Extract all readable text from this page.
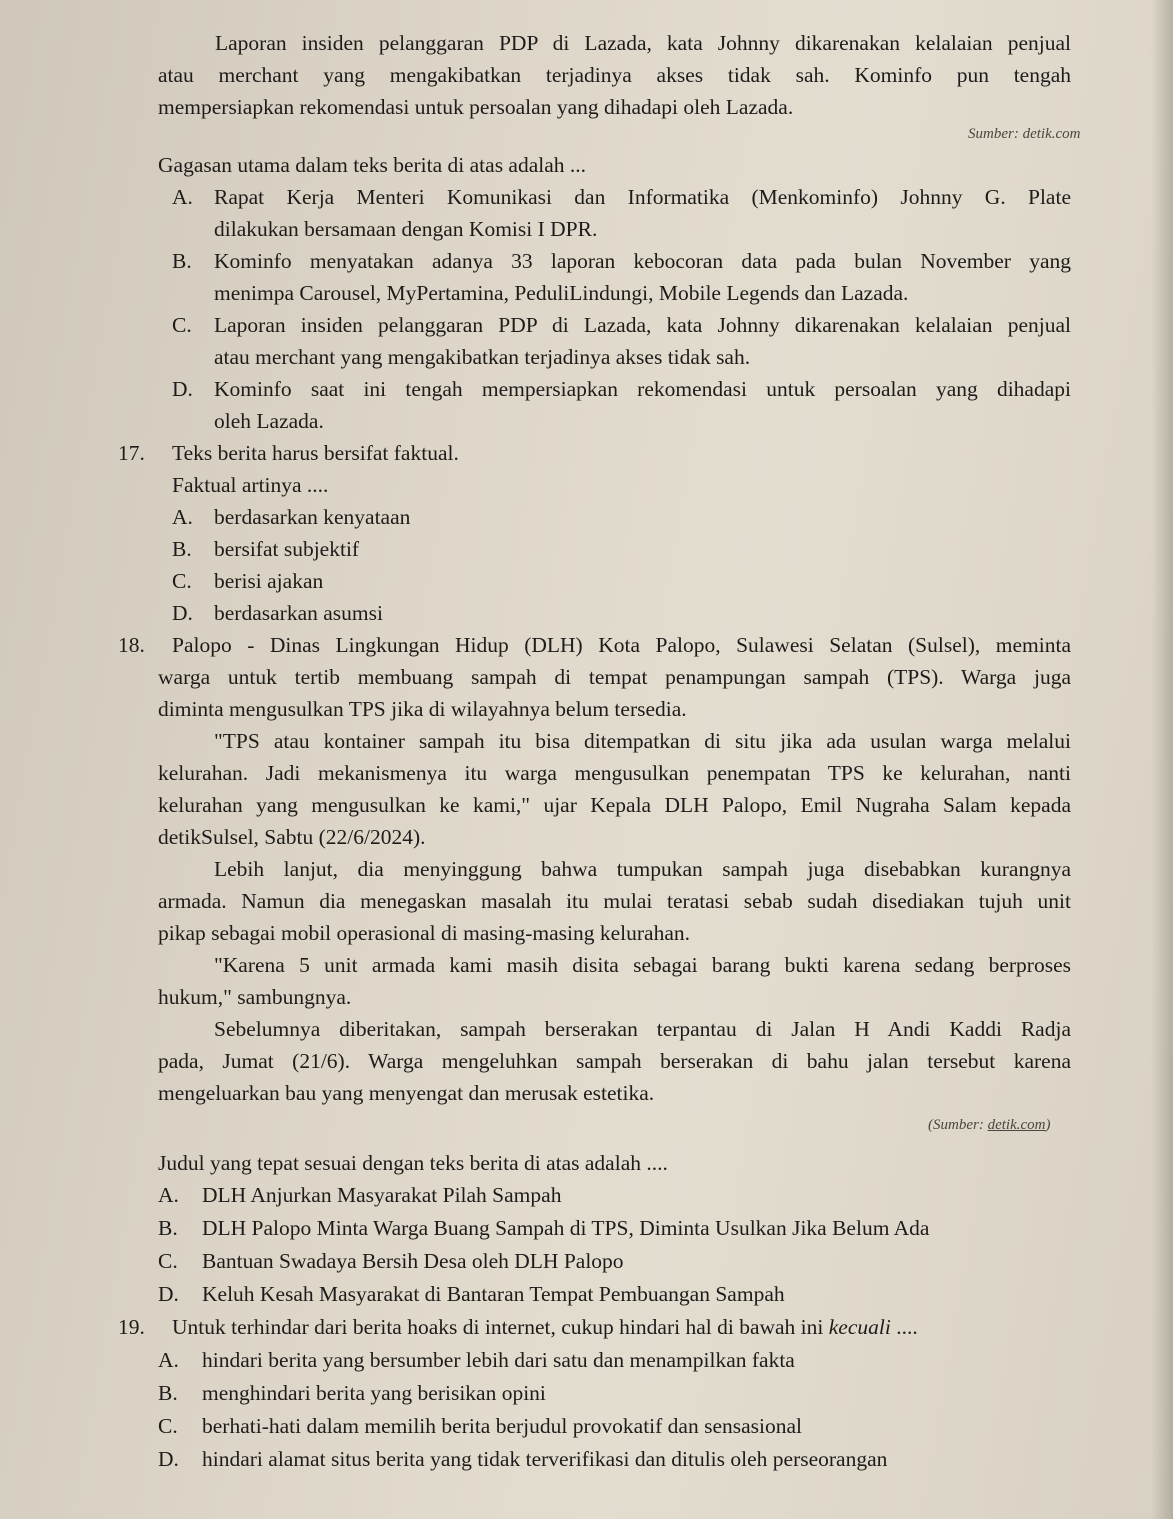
Laporan insiden pelanggaran PDP di Lazada, kata Johnny dikarenakan kelalaian penjual
atau merchant yang mengakibatkan terjadinya akses tidak sah. Kominfo pun tengah
mempersiapkan rekomendasi untuk persoalan yang dihadapi oleh Lazada.
Sumber: detik.com
Gagasan utama dalam teks berita di atas adalah ...
A. Rapat Kerja Menteri Komunikasi dan Informatika (Menkominfo) Johnny G. Plate
dilakukan bersamaan dengan Komisi I DPR.
B. Kominfo menyatakan adanya 33 laporan kebocoran data pada bulan November yang
menimpa Carousel, MyPertamina, PeduliLindungi, Mobile Legends dan Lazada.
C. Laporan insiden pelanggaran PDP di Lazada, kata Johnny dikarenakan kelalaian penjual
atau merchant yang mengakibatkan terjadinya akses tidak sah.
D. Kominfo saat ini tengah mempersiapkan rekomendasi untuk persoalan yang dihadapi
oleh Lazada.
17. Teks berita harus bersifat faktual.
Faktual artinya ....
A. berdasarkan kenyataan
B. bersifat subjektif
C. berisi ajakan
D. berdasarkan asumsi
18. Palopo - Dinas Lingkungan Hidup (DLH) Kota Palopo, Sulawesi Selatan (Sulsel), meminta
warga untuk tertib membuang sampah di tempat penampungan sampah (TPS). Warga juga
diminta mengusulkan TPS jika di wilayahnya belum tersedia.
"TPS atau kontainer sampah itu bisa ditempatkan di situ jika ada usulan warga melalui
kelurahan. Jadi mekanismenya itu warga mengusulkan penempatan TPS ke kelurahan, nanti
kelurahan yang mengusulkan ke kami," ujar Kepala DLH Palopo, Emil Nugraha Salam kepada
detikSulsel, Sabtu (22/6/2024).
Lebih lanjut, dia menyinggung bahwa tumpukan sampah juga disebabkan kurangnya
armada. Namun dia menegaskan masalah itu mulai teratasi sebab sudah disediakan tujuh unit
pikap sebagai mobil operasional di masing-masing kelurahan.
"Karena 5 unit armada kami masih disita sebagai barang bukti karena sedang berproses
hukum," sambungnya.
Sebelumnya diberitakan, sampah berserakan terpantau di Jalan H Andi Kaddi Radja
pada, Jumat (21/6). Warga mengeluhkan sampah berserakan di bahu jalan tersebut karena
mengeluarkan bau yang menyengat dan merusak estetika.
(Sumber: detik.com)
Judul yang tepat sesuai dengan teks berita di atas adalah ....
A. DLH Anjurkan Masyarakat Pilah Sampah
B. DLH Palopo Minta Warga Buang Sampah di TPS, Diminta Usulkan Jika Belum Ada
C. Bantuan Swadaya Bersih Desa oleh DLH Palopo
D. Keluh Kesah Masyarakat di Bantaran Tempat Pembuangan Sampah
19. Untuk terhindar dari berita hoaks di internet, cukup hindari hal di bawah ini kecuali ....
A. hindari berita yang bersumber lebih dari satu dan menampilkan fakta
B. menghindari berita yang berisikan opini
C. berhati-hati dalam memilih berita berjudul provokatif dan sensasional
D. hindari alamat situs berita yang tidak terverifikasi dan ditulis oleh perseorangan
